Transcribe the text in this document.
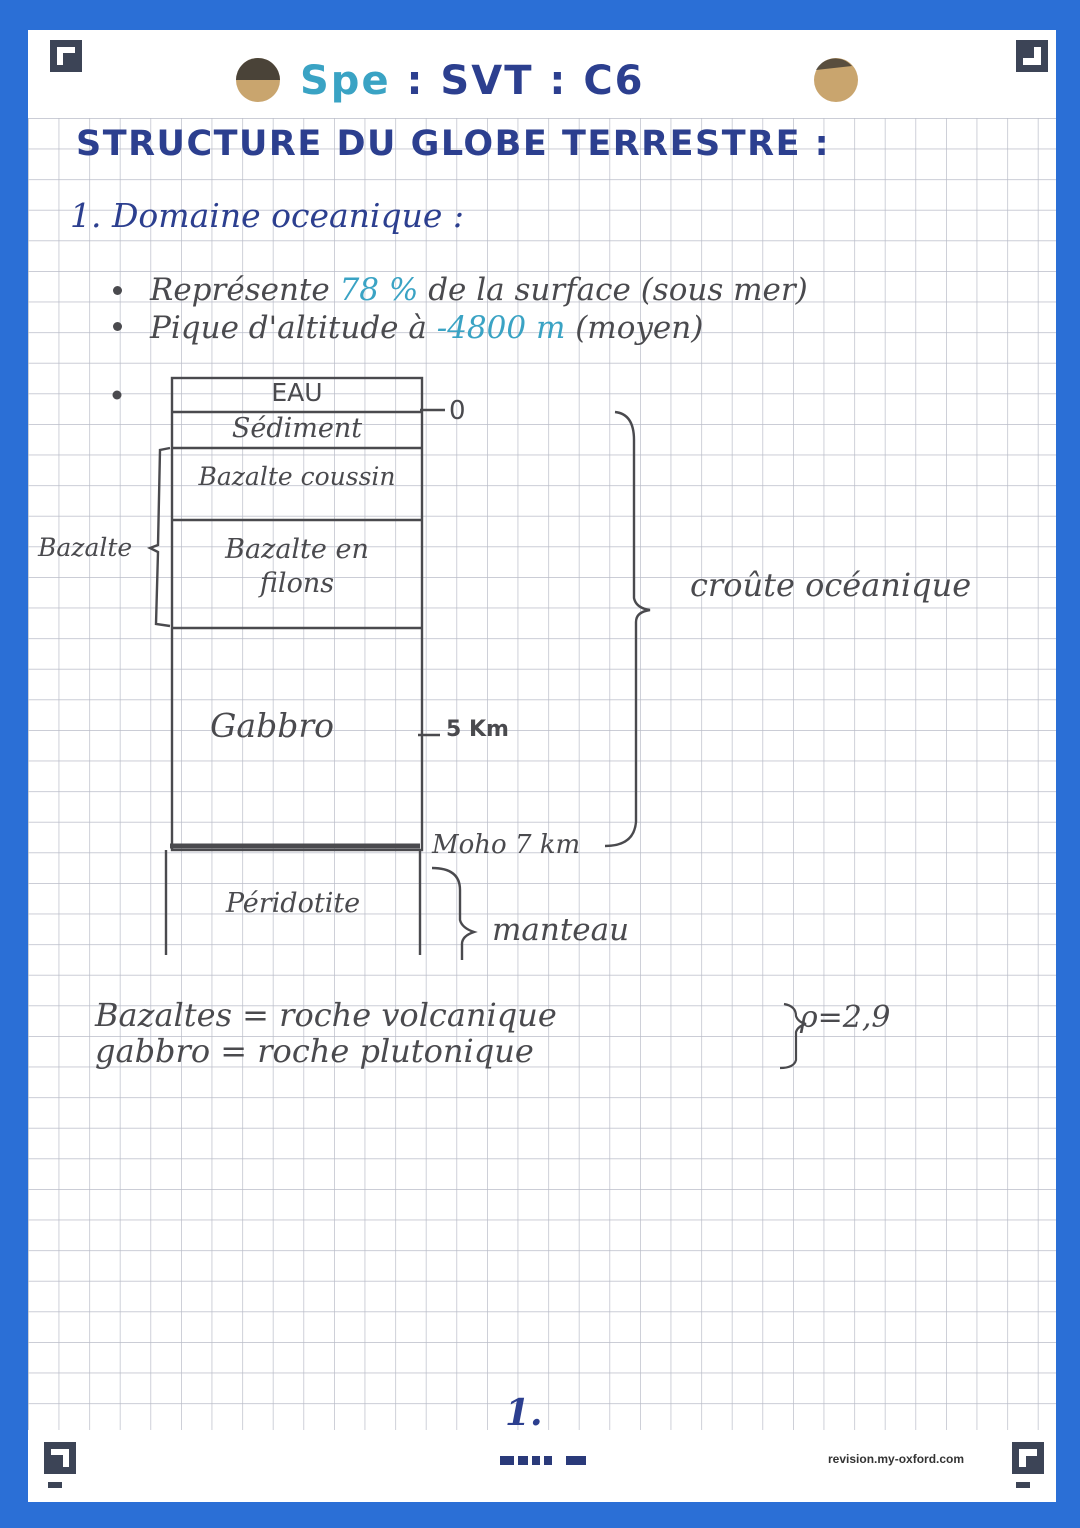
Spe : SVT : C6
STRUCTURE DU GLOBE TERRESTRE :
1. Domaine oceanique :
Représente 78 % de la surface (sous mer)
Pique d'altitude à -4800 m (moyen)
EAU
Sédiment
Bazalte coussin
Bazalte en
filons
Gabbro
Péridotite
Bazalte
0
5 Km
Moho 7 km
croûte océanique
manteau
Bazaltes = roche volcanique
gabbro = roche plutonique
ρ=2,9
1.
revision.my-oxford.com
